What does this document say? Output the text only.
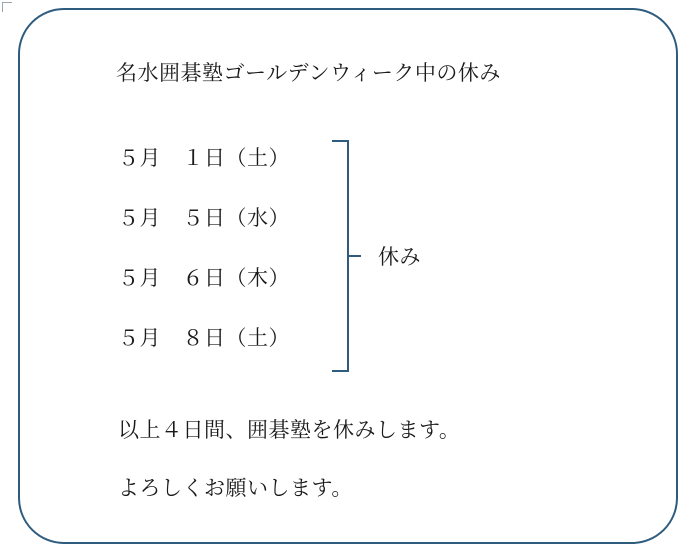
名水囲碁塾ゴールデンウィーク中の休み
５月　１日（土）
５月　５日（水）
５月　６日（木）
５月　８日（土）
休み
以上４日間、囲碁塾を休みします。
よろしくお願いします。
